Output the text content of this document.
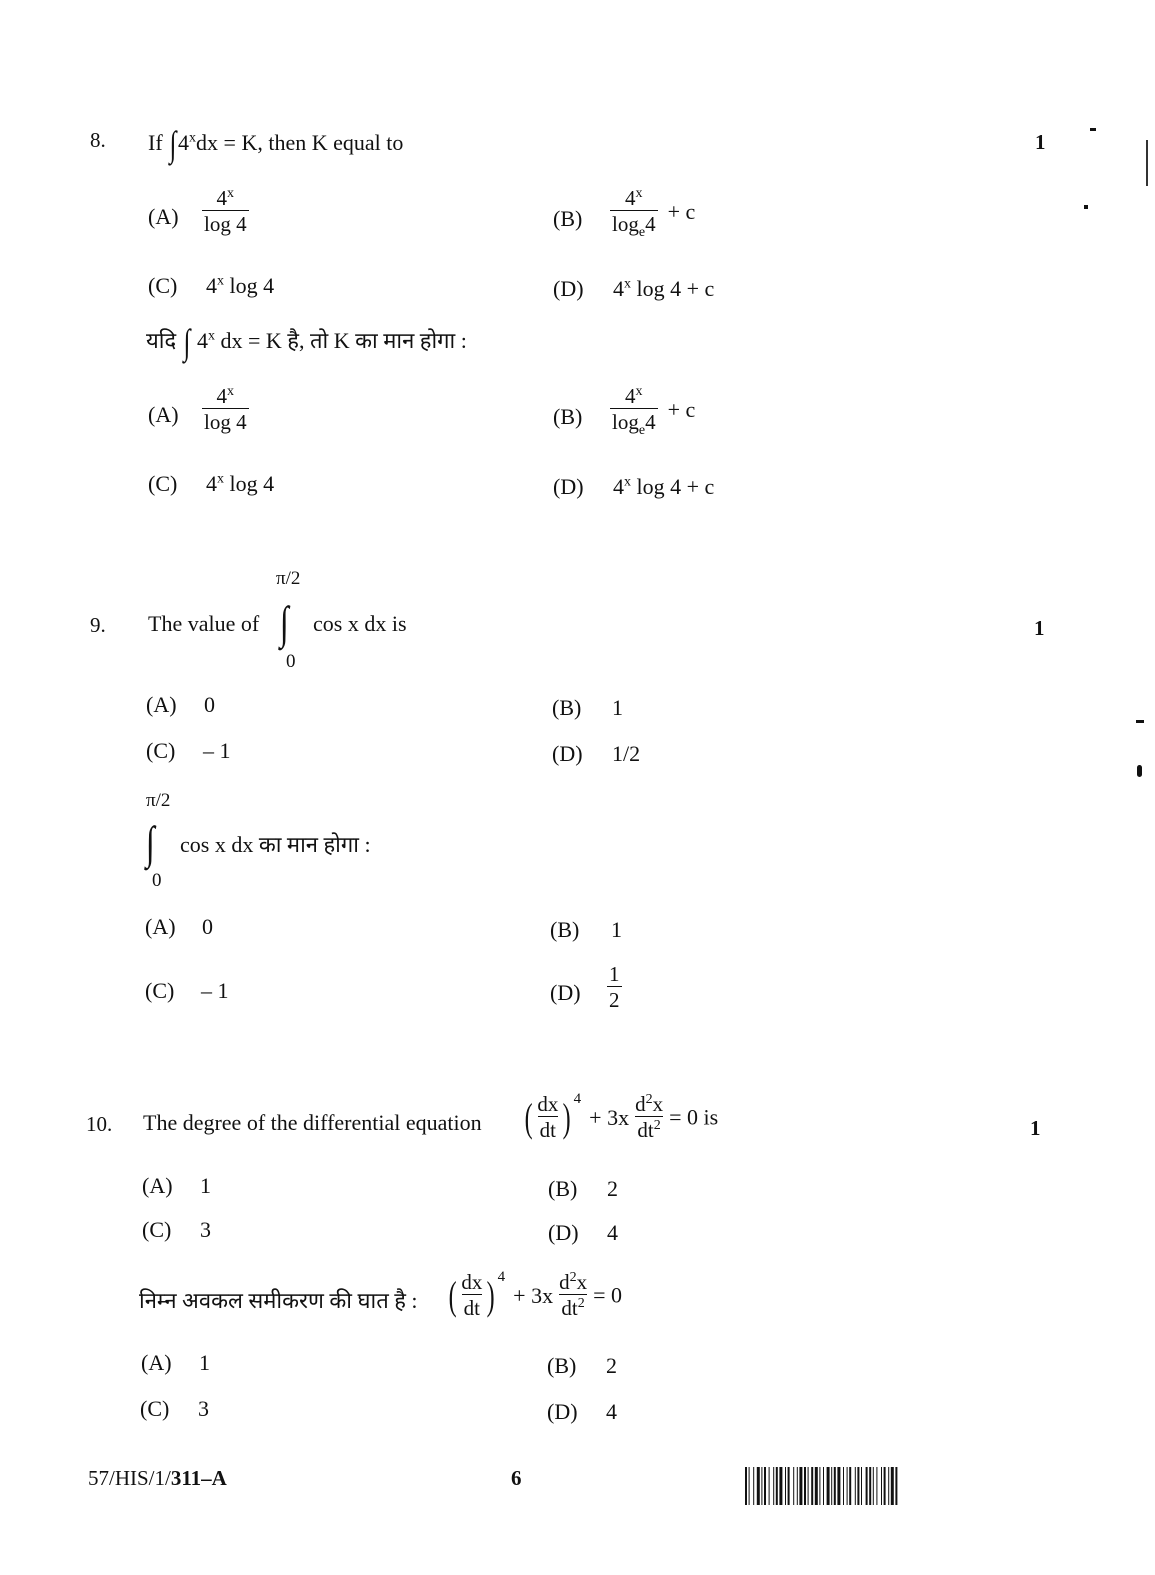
8. If $\int 4^xdx = K$, then K equal to	1
$(A) \frac{4^x}{\log 4}$	$(B) \frac{4^x}{\log_e4} + c$
(C) 4$^x$ log 4	(D) 4$^x$ log 4 + c
यदि ∫ 4$^x$ dx = K है, तो K का मान होगा :
$(A) \frac{4^x}{\log 4}$	$(B) \frac{4^x}{\log_e4} + c$
(C) 4$^x$ log 4	(D) 4$^x$ log 4 + c
π/2
9. The value of ∫ cos x dx is
0
1
(A) 0	(B) 1
(C) – 1	(D) 1/2
π/2
∫ cos x dx का मान होगा :
0
(A) 0	(B) 1
(C) – 1	$(D) \frac{1}{2}$
10. The degree of the differential equation ( $\frac{dx}{dt}$ ) $^4 + 3x \frac{d^2x}{dt^2} = 0$ is	1
(A) 1	(B) 2
(C) 3	(D) 4
निम्न अवकल समीकरण की घात है : ( $\frac{dx}{dt}$ ) $^4 + 3x \frac{d^2x}{dt^2} = 0$
(A) 1	(B) 2
(C) 3	(D) 4
57/HIS/1/311–A	6
